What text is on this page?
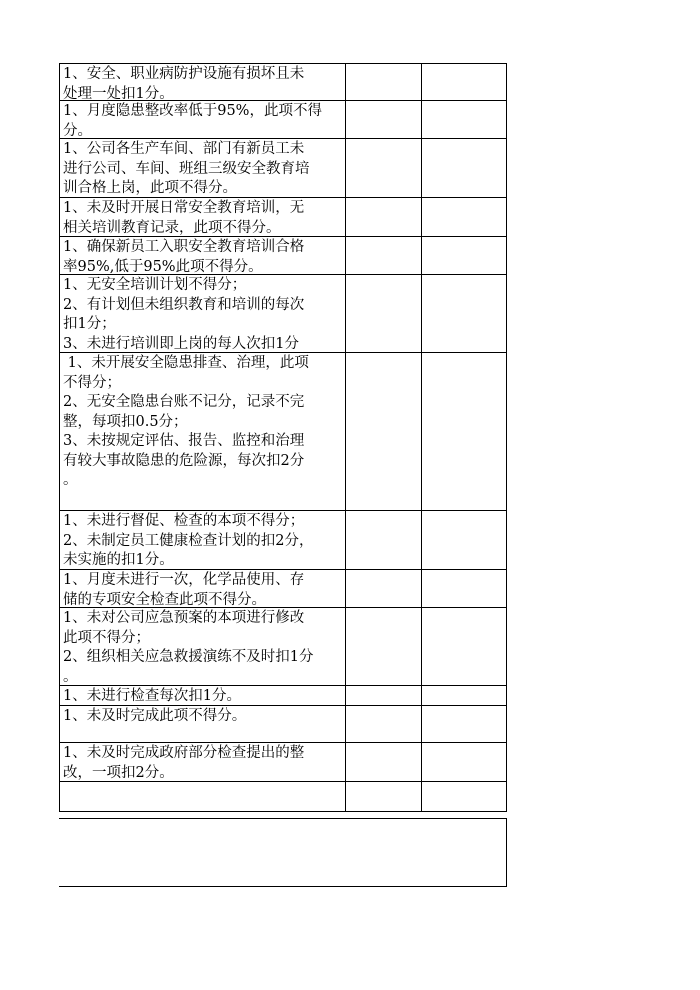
1、安全、职业病防护设施有损坏且未
处理一处扣1分。
1、月度隐患整改率低于95%，此项不得
分。
1、公司各生产车间、部门有新员工未
进行公司、车间、班组三级安全教育培
训合格上岗，此项不得分。
1、未及时开展日常安全教育培训，无
相关培训教育记录，此项不得分。
1、确保新员工入职安全教育培训合格
率95%,低于95%此项不得分。
1、无安全培训计划不得分；
2、有计划但未组织教育和培训的每次
扣1分；
3、未进行培训即上岗的每人次扣1分
1、未开展安全隐患排查、治理，此项
不得分；
2、无安全隐患台账不记分，记录不完
整，每项扣0.5分；
3、未按规定评估、报告、监控和治理
有较大事故隐患的危险源，每次扣2分
。
1、未进行督促、检查的本项不得分；
2、未制定员工健康检查计划的扣2分，
未实施的扣1分。
1、月度未进行一次，化学品使用、存
储的专项安全检查此项不得分。
1、未对公司应急预案的本项进行修改
此项不得分；
2、组织相关应急救援演练不及时扣1分
。
1、未进行检查每次扣1分。
1、未及时完成此项不得分。
1、未及时完成政府部分检查提出的整
改，一项扣2分。
